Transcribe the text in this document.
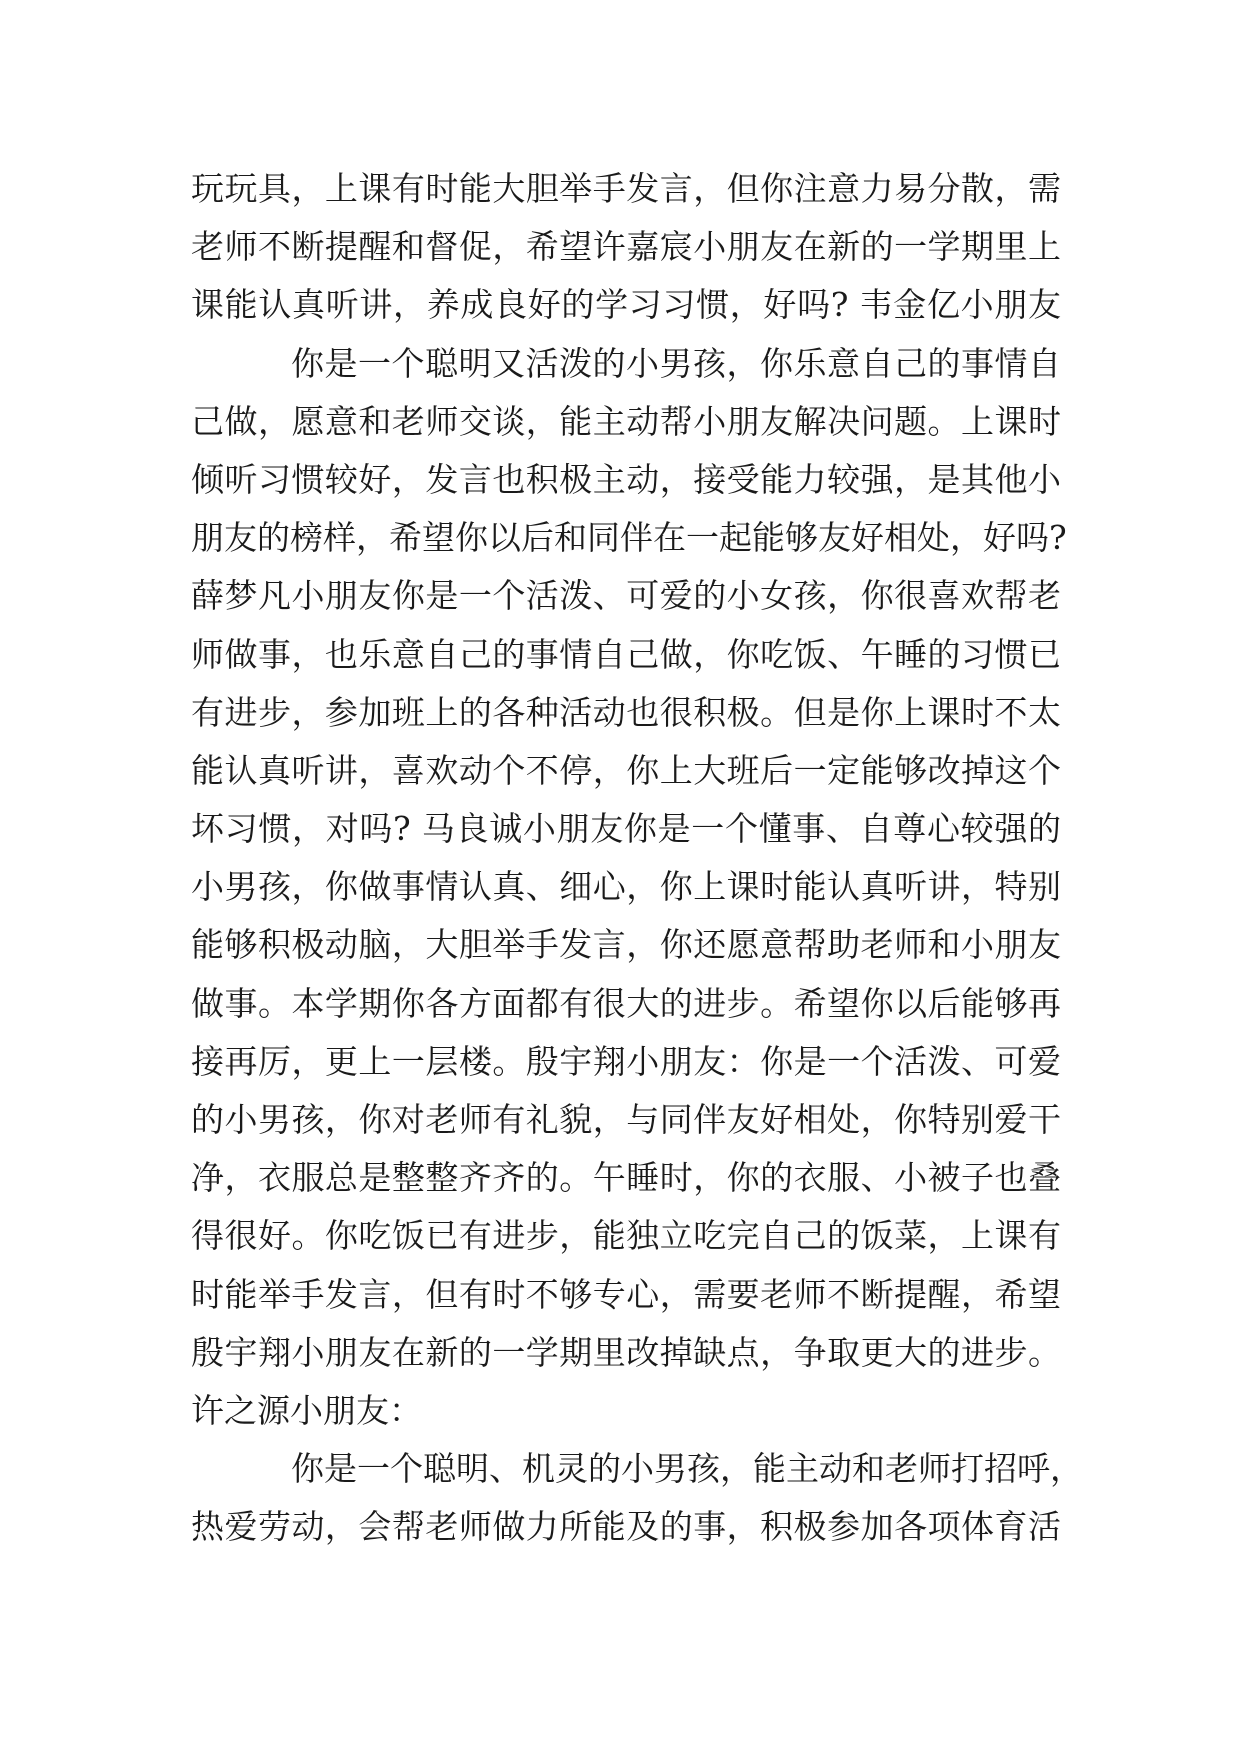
玩玩具，上课有时能大胆举手发言，但你注意力易分散，需
老师不断提醒和督促，希望许嘉宸小朋友在新的一学期里上
课能认真听讲，养成良好的学习习惯，好吗? 韦金亿小朋友
你是一个聪明又活泼的小男孩，你乐意自己的事情自
己做，愿意和老师交谈，能主动帮小朋友解决问题。上课时
倾听习惯较好，发言也积极主动，接受能力较强，是其他小
朋友的榜样，希望你以后和同伴在一起能够友好相处，好吗?
薛梦凡小朋友你是一个活泼、可爱的小女孩，你很喜欢帮老
师做事，也乐意自己的事情自己做，你吃饭、午睡的习惯已
有进步，参加班上的各种活动也很积极。但是你上课时不太
能认真听讲，喜欢动个不停，你上大班后一定能够改掉这个
坏习惯，对吗? 马良诚小朋友你是一个懂事、自尊心较强的
小男孩，你做事情认真、细心，你上课时能认真听讲，特别
能够积极动脑，大胆举手发言，你还愿意帮助老师和小朋友
做事。本学期你各方面都有很大的进步。希望你以后能够再
接再厉，更上一层楼。殷宇翔小朋友：你是一个活泼、可爱
的小男孩，你对老师有礼貌，与同伴友好相处，你特别爱干
净，衣服总是整整齐齐的。午睡时，你的衣服、小被子也叠
得很好。你吃饭已有进步，能独立吃完自己的饭菜，上课有
时能举手发言，但有时不够专心，需要老师不断提醒，希望
殷宇翔小朋友在新的一学期里改掉缺点，争取更大的进步。
许之源小朋友：
你是一个聪明、机灵的小男孩，能主动和老师打招呼，
热爱劳动，会帮老师做力所能及的事，积极参加各项体育活
